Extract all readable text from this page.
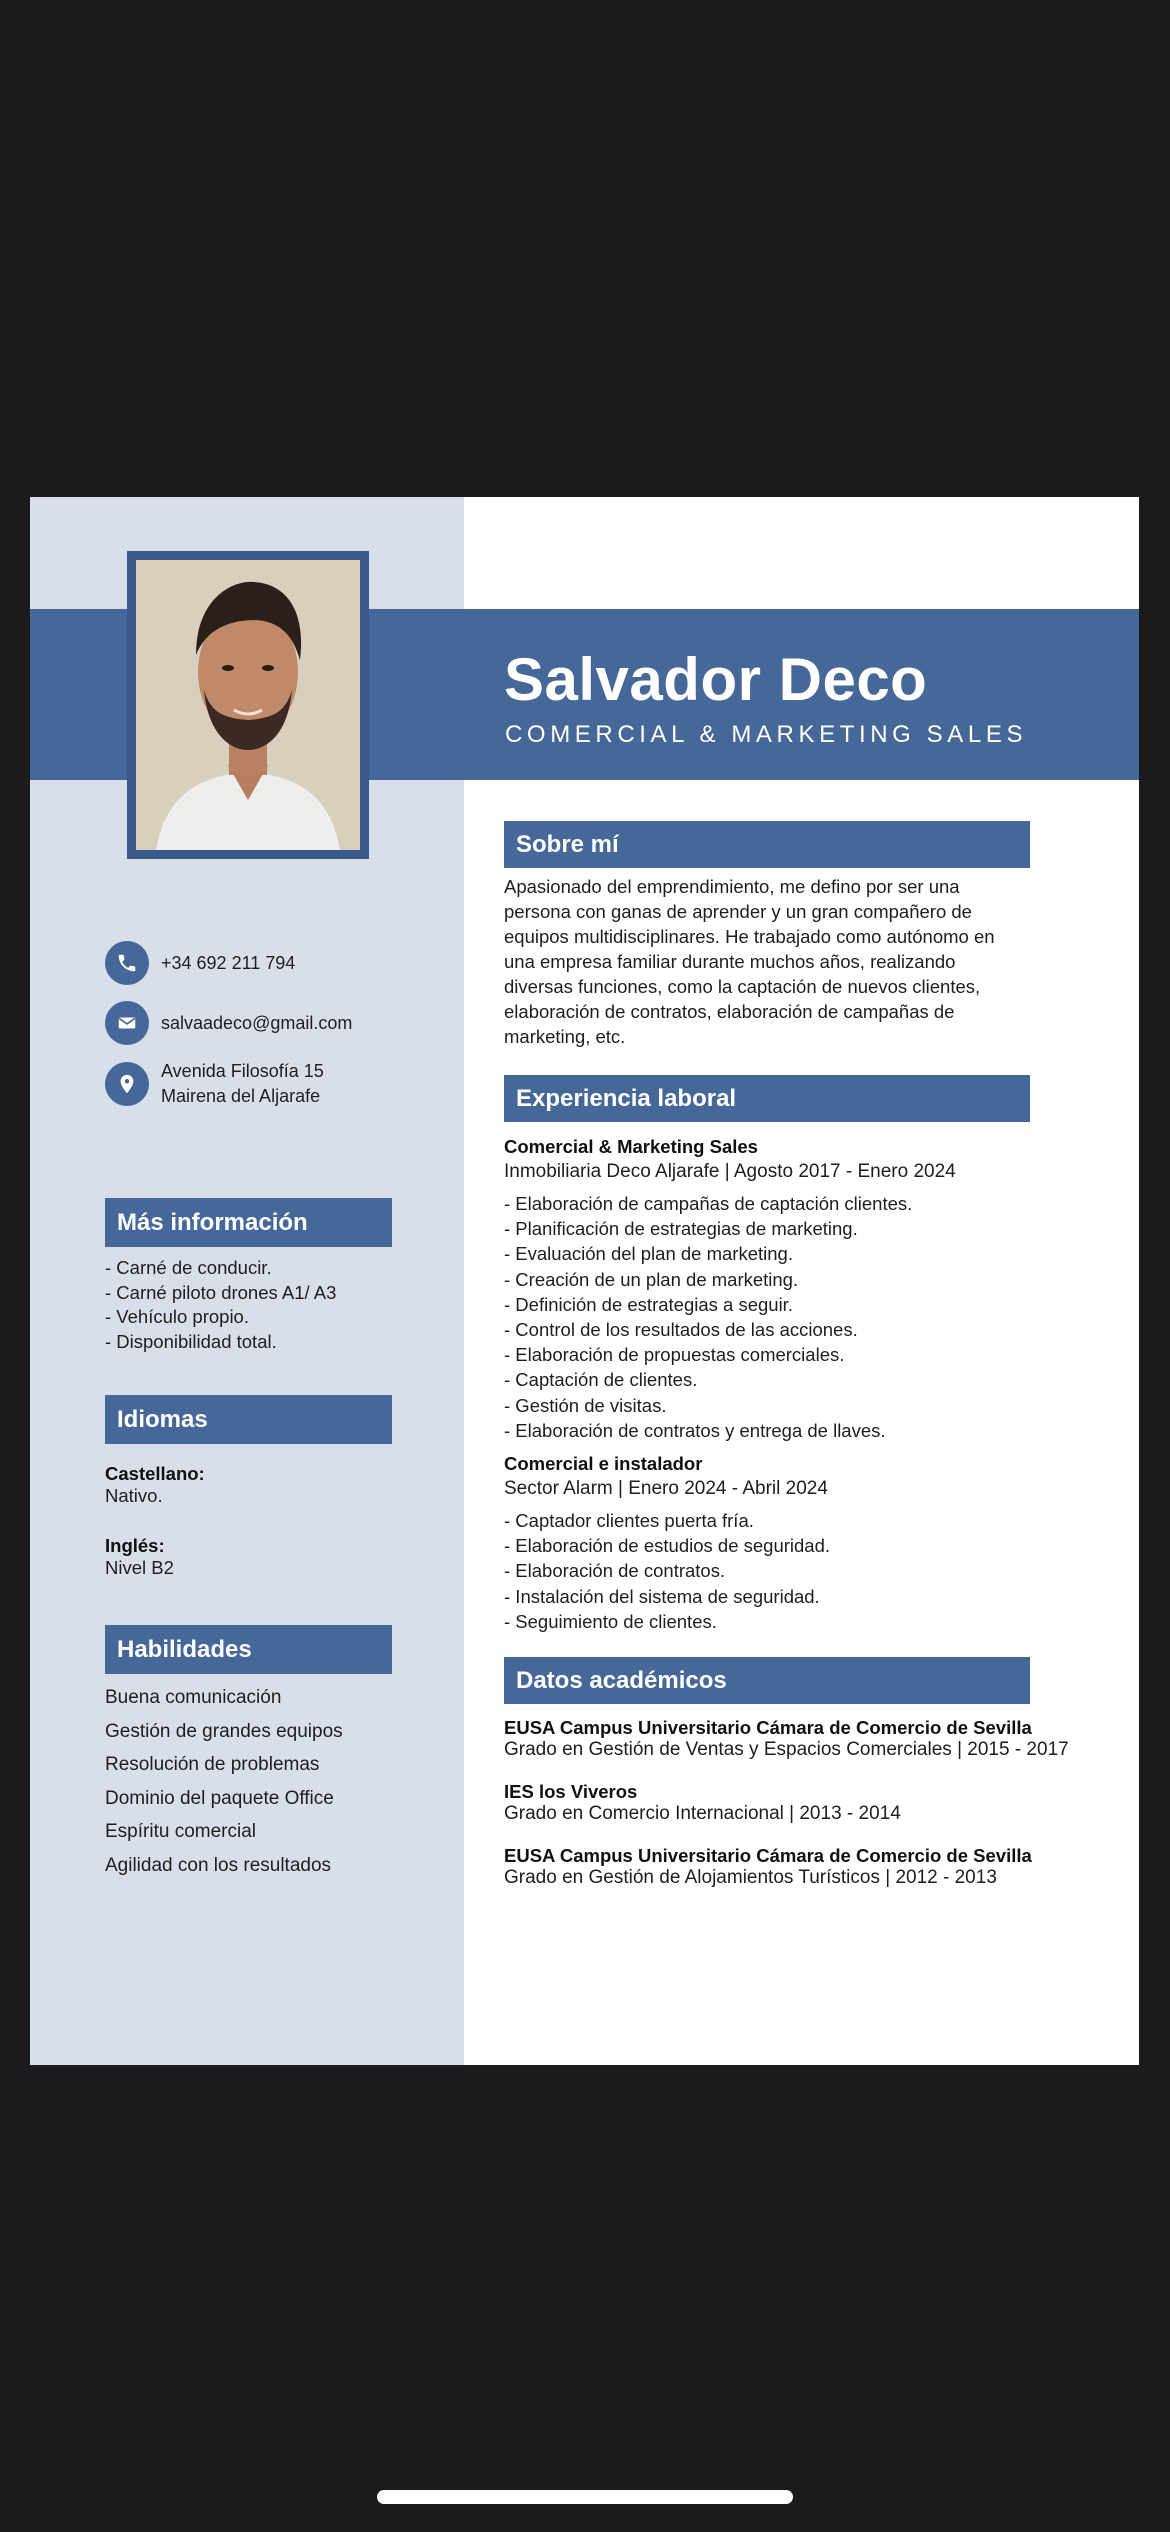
Salvador Deco
COMERCIAL & MARKETING SALES
+34 692 211 794
salvaadeco@gmail.com
Avenida Filosofía 15
Mairena del Aljarafe
Más información
- Carné de conducir.
- Carné piloto drones A1/ A3
- Vehículo propio.
- Disponibilidad total.
Idiomas
Castellano:
Nativo.
Inglés:
Nivel B2
Habilidades
Buena comunicación
Gestión de grandes equipos
Resolución de problemas
Dominio del paquete Office
Espíritu comercial
Agilidad con los resultados
Sobre mí
Apasionado del emprendimiento, me defino por ser una
persona con ganas de aprender y un gran compañero de
equipos multidisciplinares. He trabajado como autónomo en
una empresa familiar durante muchos años, realizando
diversas funciones, como la captación de nuevos clientes,
elaboración de contratos, elaboración de campañas de
marketing, etc.
Experiencia laboral
Comercial & Marketing Sales
Inmobiliaria Deco Aljarafe | Agosto 2017 - Enero 2024
- Elaboración de campañas de captación clientes.
- Planificación de estrategias de marketing.
- Evaluación del plan de marketing.
- Creación de un plan de marketing.
- Definición de estrategias a seguir.
- Control de los resultados de las acciones.
- Elaboración de propuestas comerciales.
- Captación de clientes.
- Gestión de visitas.
- Elaboración de contratos y entrega de llaves.
Comercial e instalador
Sector Alarm | Enero 2024 - Abril 2024
- Captador clientes puerta fría.
- Elaboración de estudios de seguridad.
- Elaboración de contratos.
- Instalación del sistema de seguridad.
- Seguimiento de clientes.
Datos académicos
EUSA Campus Universitario Cámara de Comercio de Sevilla
Grado en Gestión de Ventas y Espacios Comerciales | 2015 - 2017
IES los Viveros
Grado en Comercio Internacional | 2013 - 2014
EUSA Campus Universitario Cámara de Comercio de Sevilla
Grado en Gestión de Alojamientos Turísticos | 2012 - 2013
